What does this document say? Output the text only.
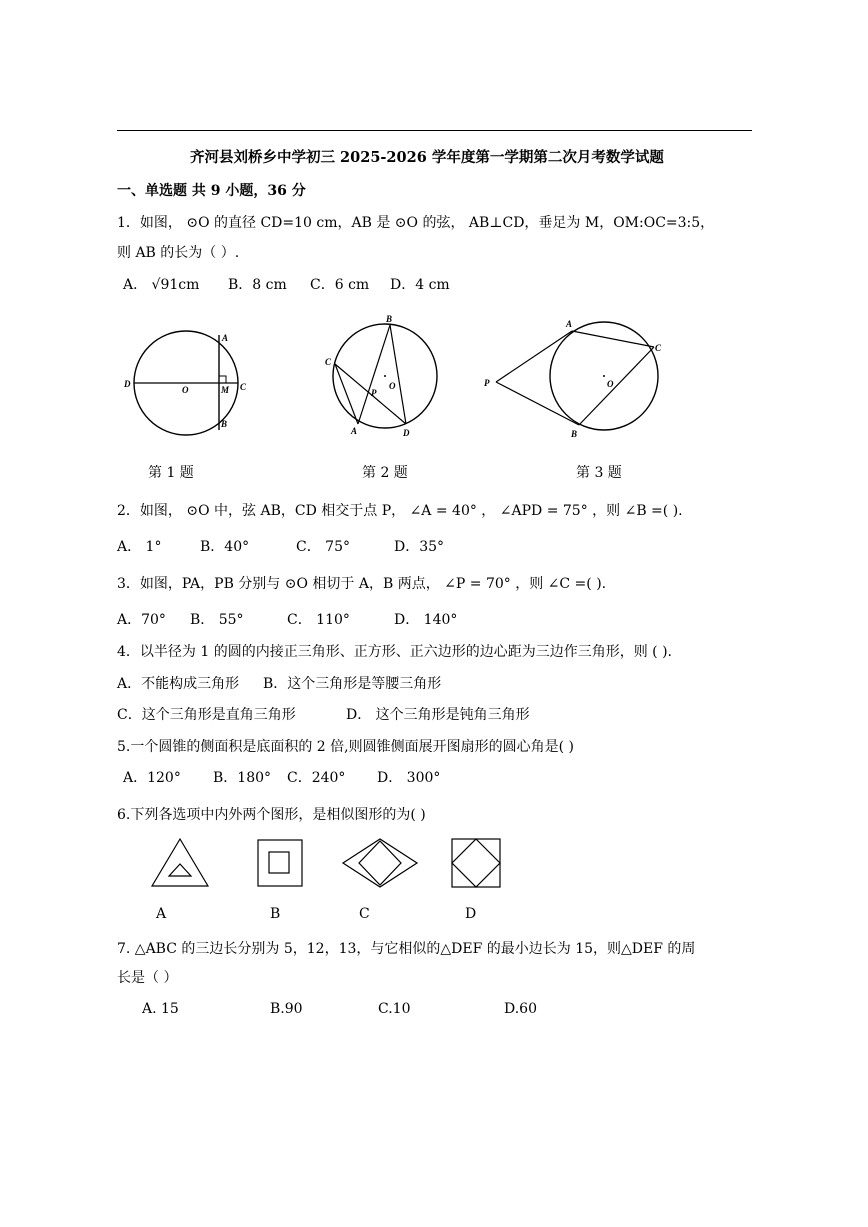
齐河县刘桥乡中学初三 2025-2026 学年度第一学期第二次月考数学试题
一、单选题 共 9 小题，36 分
1．如图， ⊙O 的直径 CD=10 cm，AB 是 ⊙O 的弦， AB⊥CD，垂足为 M，OM:OC=3:5，
则 AB 的长为（ ）.
A． √91cm B．8 cm C．6 cm D．4 cm
A
D
O	M C
B
B
C
P
O
A	D
A
C
P	O
B
第 1 题	第 2 题	第 3 题
2．如图， ⊙O 中，弦 AB，CD 相交于点 P， ∠A = 40° ， ∠APD = 75° ，则 ∠B =( ).
A． 1°	B．40°	C． 75°	D．35°
3．如图，PA，PB 分别与 ⊙O 相切于 A，B 两点， ∠P = 70° ，则 ∠C =( ).
A．70° B． 55°	C． 110°	D． 140°
4．以半径为 1 的圆的内接正三角形、正方形、正六边形的边心距为三边作三角形，则 ( ).
A．不能构成三角形 B．这个三角形是等腰三角形
C．这个三角形是直角三角形	D． 这个三角形是钝角三角形
5.一个圆锥的侧面积是底面积的 2 倍,则圆锥侧面展开图扇形的圆心角是( )
A．120° B．180° C．240° D． 300°
6.下列各选项中内外两个图形，是相似图形的为( )
A	B	C	D
7. △ABC 的三边长分别为 5，12，13，与它相似的△DEF 的最小边长为 15，则△DEF 的周
长是（ ）
A. 15	B.90	C.10	D.60
